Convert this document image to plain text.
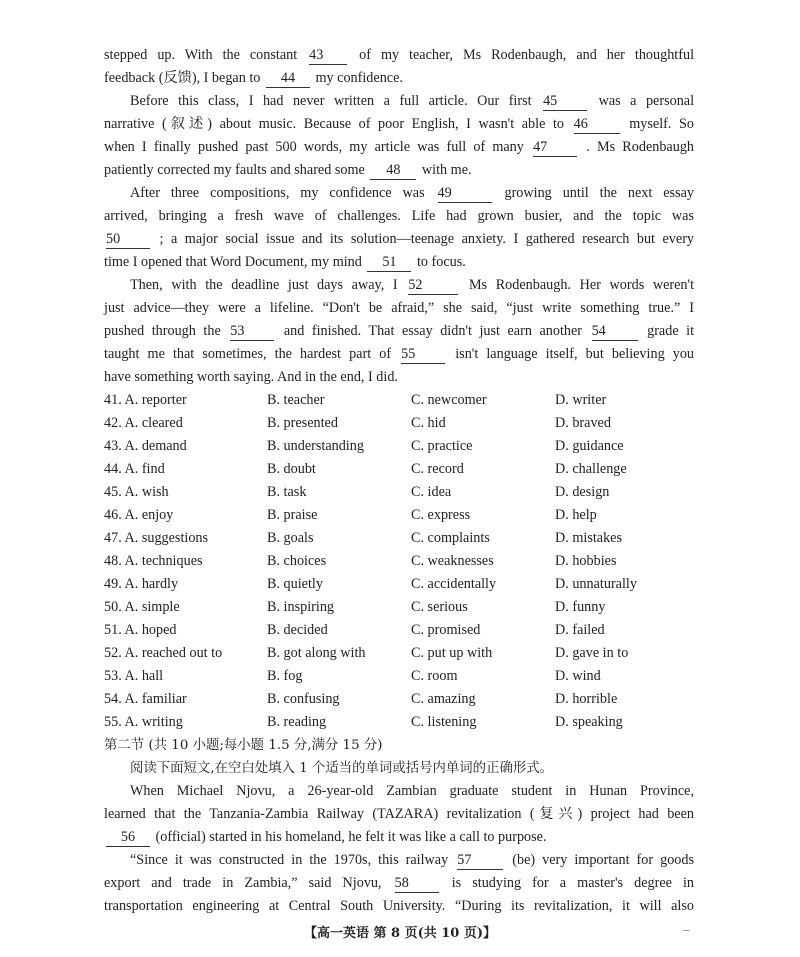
stepped up. With the constant 43	of my teacher, Ms Rodenbaugh, and her thoughtful
feedback (反馈), I began to 44 my confidence.
Before this class, I had never written a full article. Our first 45	was a personal
narrative (叙述) about music. Because of poor English, I wasn't able to 46	myself. So
when I finally pushed past 500 words, my article was full of many 47	. Ms Rodenbaugh
patiently corrected my faults and shared some 48 with me.
After three compositions, my confidence was 49	growing until the next essay
arrived, bringing a fresh wave of challenges. Life had grown busier, and the topic was
50	; a major social issue and its solution—teenage anxiety. I gathered research but every
time I opened that Word Document, my mind 51 to focus.
Then, with the deadline just days away, I 52	Ms Rodenbaugh. Her words weren't
just advice—they were a lifeline. “Don't be afraid,” she said, “just write something true.” I
pushed through the 53	and finished. That essay didn't just earn another 54	grade it
taught me that sometimes, the hardest part of 55	isn't language itself, but believing you
have something worth saying. And in the end, I did.
41. A. reporter	B. teacher	C. newcomer	D. writer
42. A. cleared	B. presented	C. hid	D. braved
43. A. demand	B. understanding	C. practice	D. guidance
44. A. find	B. doubt	C. record	D. challenge
45. A. wish	B. task	C. idea	D. design
46. A. enjoy	B. praise	C. express	D. help
47. A. suggestions	B. goals	C. complaints	D. mistakes
48. A. techniques	B. choices	C. weaknesses	D. hobbies
49. A. hardly	B. quietly	C. accidentally	D. unnaturally
50. A. simple	B. inspiring	C. serious	D. funny
51. A. hoped	B. decided	C. promised	D. failed
52. A. reached out to	B. got along with	C. put up with	D. gave in to
53. A. hall	B. fog	C. room	D. wind
54. A. familiar	B. confusing	C. amazing	D. horrible
55. A. writing	B. reading	C. listening	D. speaking
第二节 (共 10 小题;每小题 1.5 分,满分 15 分)
阅读下面短文,在空白处填入 1 个适当的单词或括号内单词的正确形式。
When Michael Njovu, a 26-year-old Zambian graduate student in Hunan Province,
learned that the Tanzania-Zambia Railway (TAZARA) revitalization (复兴) project had been
56 (official) started in his homeland, he felt it was like a call to purpose.
“Since it was constructed in the 1970s, this railway 57	(be) very important for goods
export and trade in Zambia,” said Njovu, 58	is studying for a master's degree in
transportation engineering at Central South University. “During its revitalization, it will also
【高一英语 第 8 页(共 10 页)】	–
